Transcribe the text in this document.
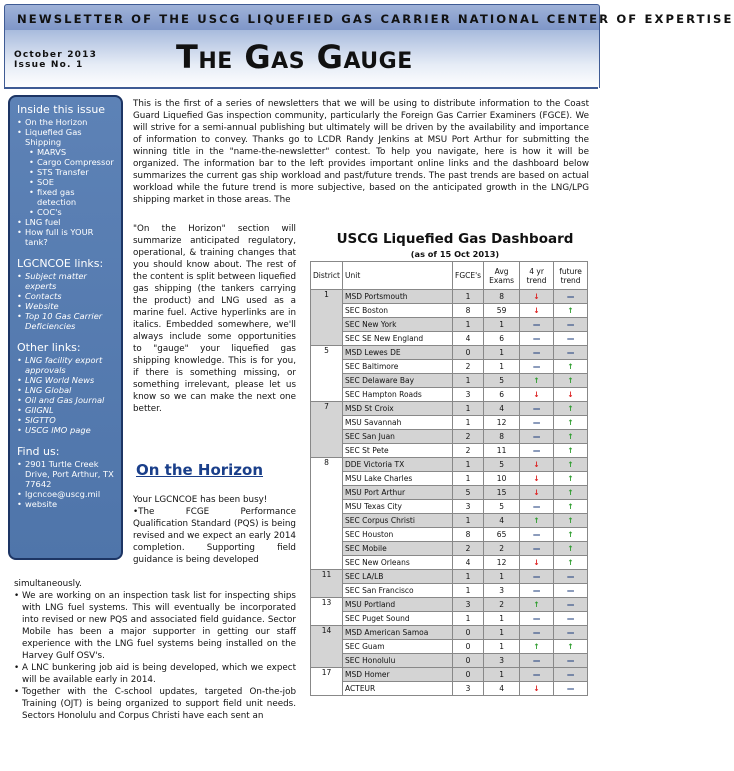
NEWSLETTER OF THE USCG LIQUEFIED GAS CARRIER NATIONAL CENTER OF EXPERTISE
October 2013
Issue No. 1	The Gas Gauge
Inside this issue
• On the Horizon
• Liquefied Gas Shipping
• MARVS
• Cargo Compressor
• STS Transfer
• SOE
• fixed gas detection
• COC's
• LNG fuel
• How full is YOUR tank?
LGCNCOE links:
• Subject matter experts
• Contacts
• Website
• Top 10 Gas Carrier Deficiencies
Other links:
• LNG facility export approvals
• LNG World News
• LNG Global
• Oil and Gas Journal
• GIIGNL
• SIGTTO
• USCG IMO page
Find us:
• 2901 Turtle Creek Drive, Port Arthur, TX 77642
• lgcncoe@uscg.mil
• website
This is the first of a series of newsletters that we will be using to distribute information to the Coast Guard Liquefied Gas inspection community, particularly the Foreign Gas Carrier Examiners (FGCE). We will strive for a semi-annual publishing but ultimately will be driven by the availability and importance of information to convey. Thanks go to LCDR Randy Jenkins at MSU Port Arthur for submitting the winning title in the "name-the-newsletter" contest. To help you navigate, here is how it will be organized. The information bar to the left provides important online links and the dashboard below summarizes the current gas ship workload and past/future trends. The past trends are based on actual workload while the future trend is more subjective, based on the anticipated growth in the LNG/LPG shipping market in those areas. The
"On the Horizon" section will summarize anticipated regulatory, operational, & training changes that you should know about. The rest of the content is split between liquefied gas shipping (the tankers carrying the product) and LNG used as a marine fuel. Active hyperlinks are in italics. Embedded somewhere, we'll always include some opportunities to "gauge" your liquefied gas shipping knowledge. This is for you, if there is something missing, or something irrelevant, please let us know so we can make the next one better.
On the Horizon
Your LGCNCOE has been busy!
•The FCGE Performance Qualification Standard (PQS) is being revised and we expect an early 2014 completion. Supporting field guidance is being developed
simultaneously.
• We are working on an inspection task list for inspecting ships with LNG fuel systems. This will eventually be incorporated into revised or new PQS and associated field guidance. Sector Mobile has been a major supporter in getting our staff experience with the LNG fuel systems being installed on the Harvey Gulf OSV's.
• A LNC bunkering job aid is being developed, which we expect will be available early in 2014.
• Together with the C-school updates, targeted On-the-job Training (OJT) is being organized to support field unit needs. Sectors Honolulu and Corpus Christi have each sent an
USCG Liquefied Gas Dashboard
(as of 15 Oct 2013)
District	Unit	FGCE's	Avg Exams	4 yr trend	future trend
1	MSD Portsmouth	1	8	↓	—
	SEC Boston	8	59	↓	↑
	SEC New York	1	1	—	—
	SEC SE New England	4	6	—	—
5	MSD Lewes DE	0	1	—	—
	SEC Baltimore	2	1	—	↑
	SEC Delaware Bay	1	5	↑	↑
	SEC Hampton Roads	3	6	↓	↓
7	MSD St Croix	1	4	—	↑
	MSU Savannah	1	12	—	↑
	SEC San Juan	2	8	—	↑
	SEC St Pete	2	11	—	↑
8	DDE Victoria TX	1	5	↓	↑
	MSU Lake Charles	1	10	↓	↑
	MSU Port Arthur	5	15	↓	↑
	MSU Texas City	3	5	—	↑
	SEC Corpus Christi	1	4	↑	↑
	SEC Houston	8	65	—	↑
	SEC Mobile	2	2	—	↑
	SEC New Orleans	4	12	↓	↑
11	SEC LA/LB	1	1	—	—
	SEC San Francisco	1	3	—	—
13	MSU Portland	3	2	↑	—
	SEC Puget Sound	1	1	—	—
14	MSD American Samoa	0	1	—	—
	SEC Guam	0	1	↑	↑
	SEC Honolulu	0	3	—	—
17	MSD Homer	0	1	—	—
	ACTEUR	3	4	↓	—
